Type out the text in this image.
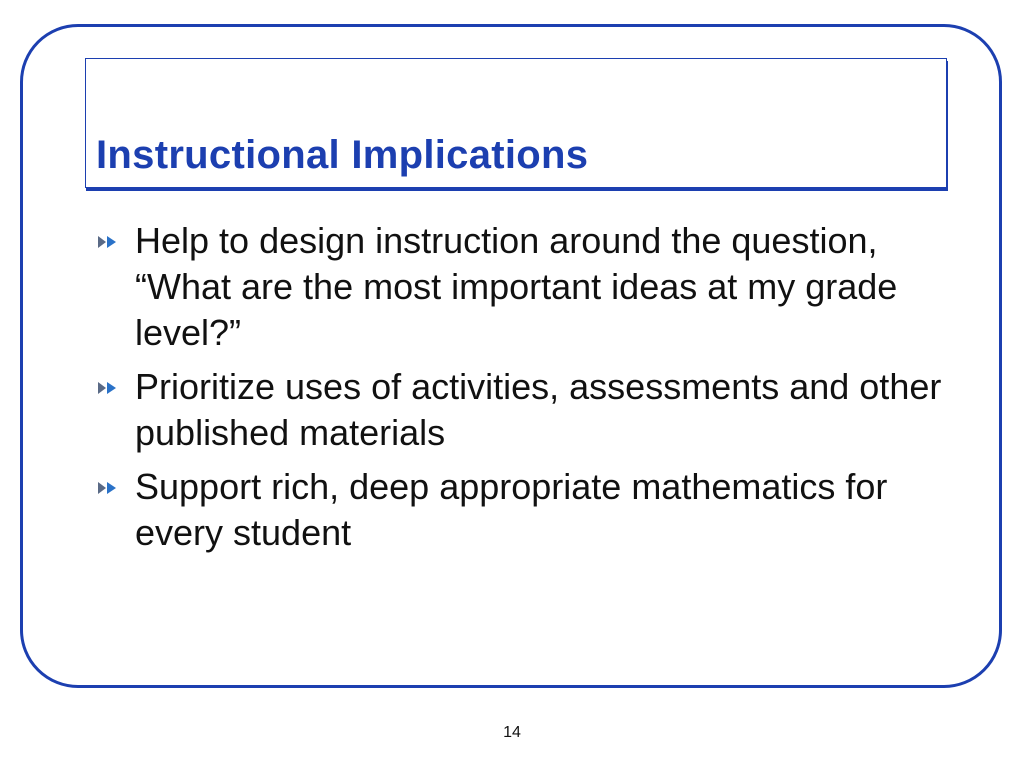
Instructional Implications
Help to design instruction around the question, “What are the most important ideas at my grade level?”
Prioritize uses of activities, assessments and other published materials
Support rich, deep appropriate mathematics for every student
14
